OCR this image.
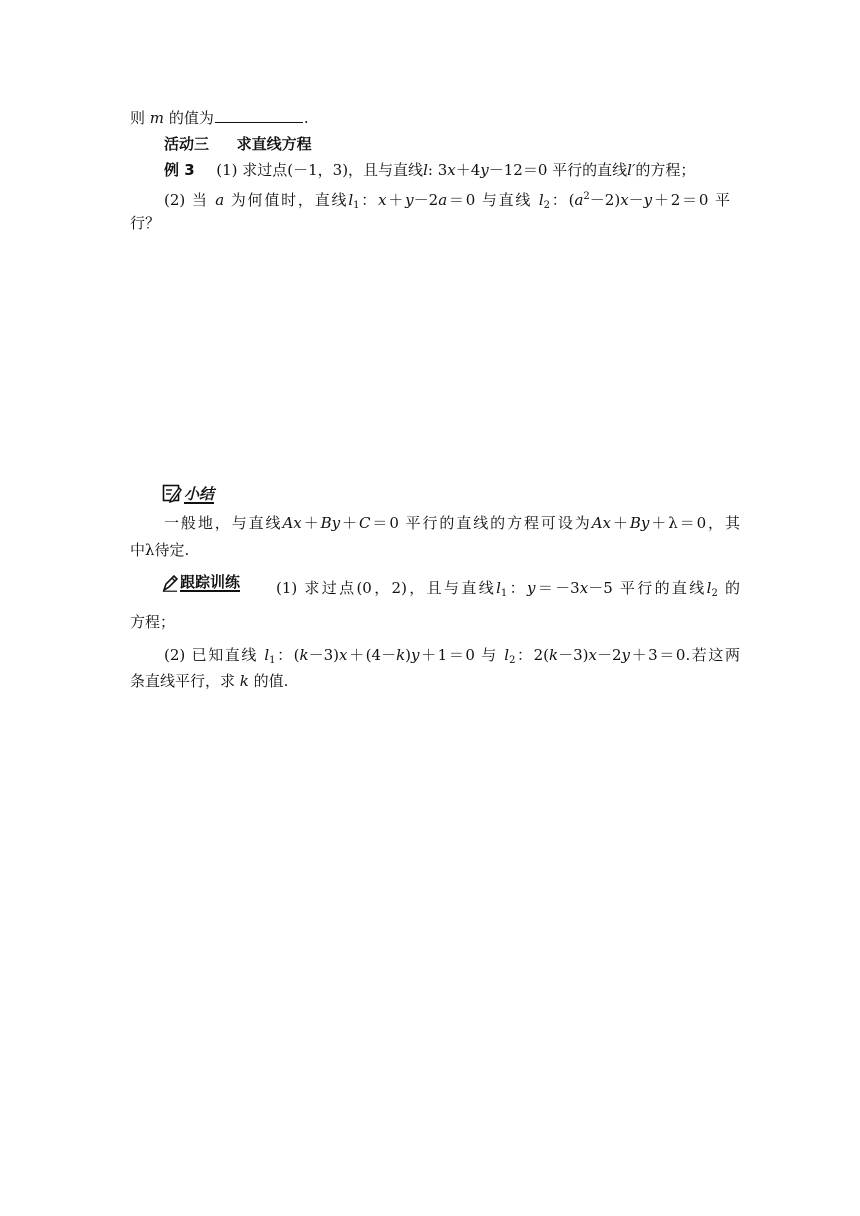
则 m 的值为	.
活动三 求直线方程
例 3 (1) 求过点(－1，3)，且与直线l: 3x＋4y－12＝0 平行的直线l′的方程；
(2) 当 a 为何值时，直线$l_1$：x＋y－2a＝0 与直线 $l_2$：$(a^2-2)x-y+2=0$ 平
行？
小结
一般地，与直线Ax＋By＋C＝0 平行的直线的方程可设为Ax＋By＋λ＝0，其
中λ待定.
跟踪训练 (1) 求过点(0，2)，且与直线$l_1$：y＝－3x－5 平行的直线$l_2$ 的
方程；
(2) 已知直线 $l_1$：(k－3)x＋(4－k)y＋1＝0 与 $l_2$：2(k－3)x－2y＋3＝0.若这两
条直线平行，求 k 的值.
